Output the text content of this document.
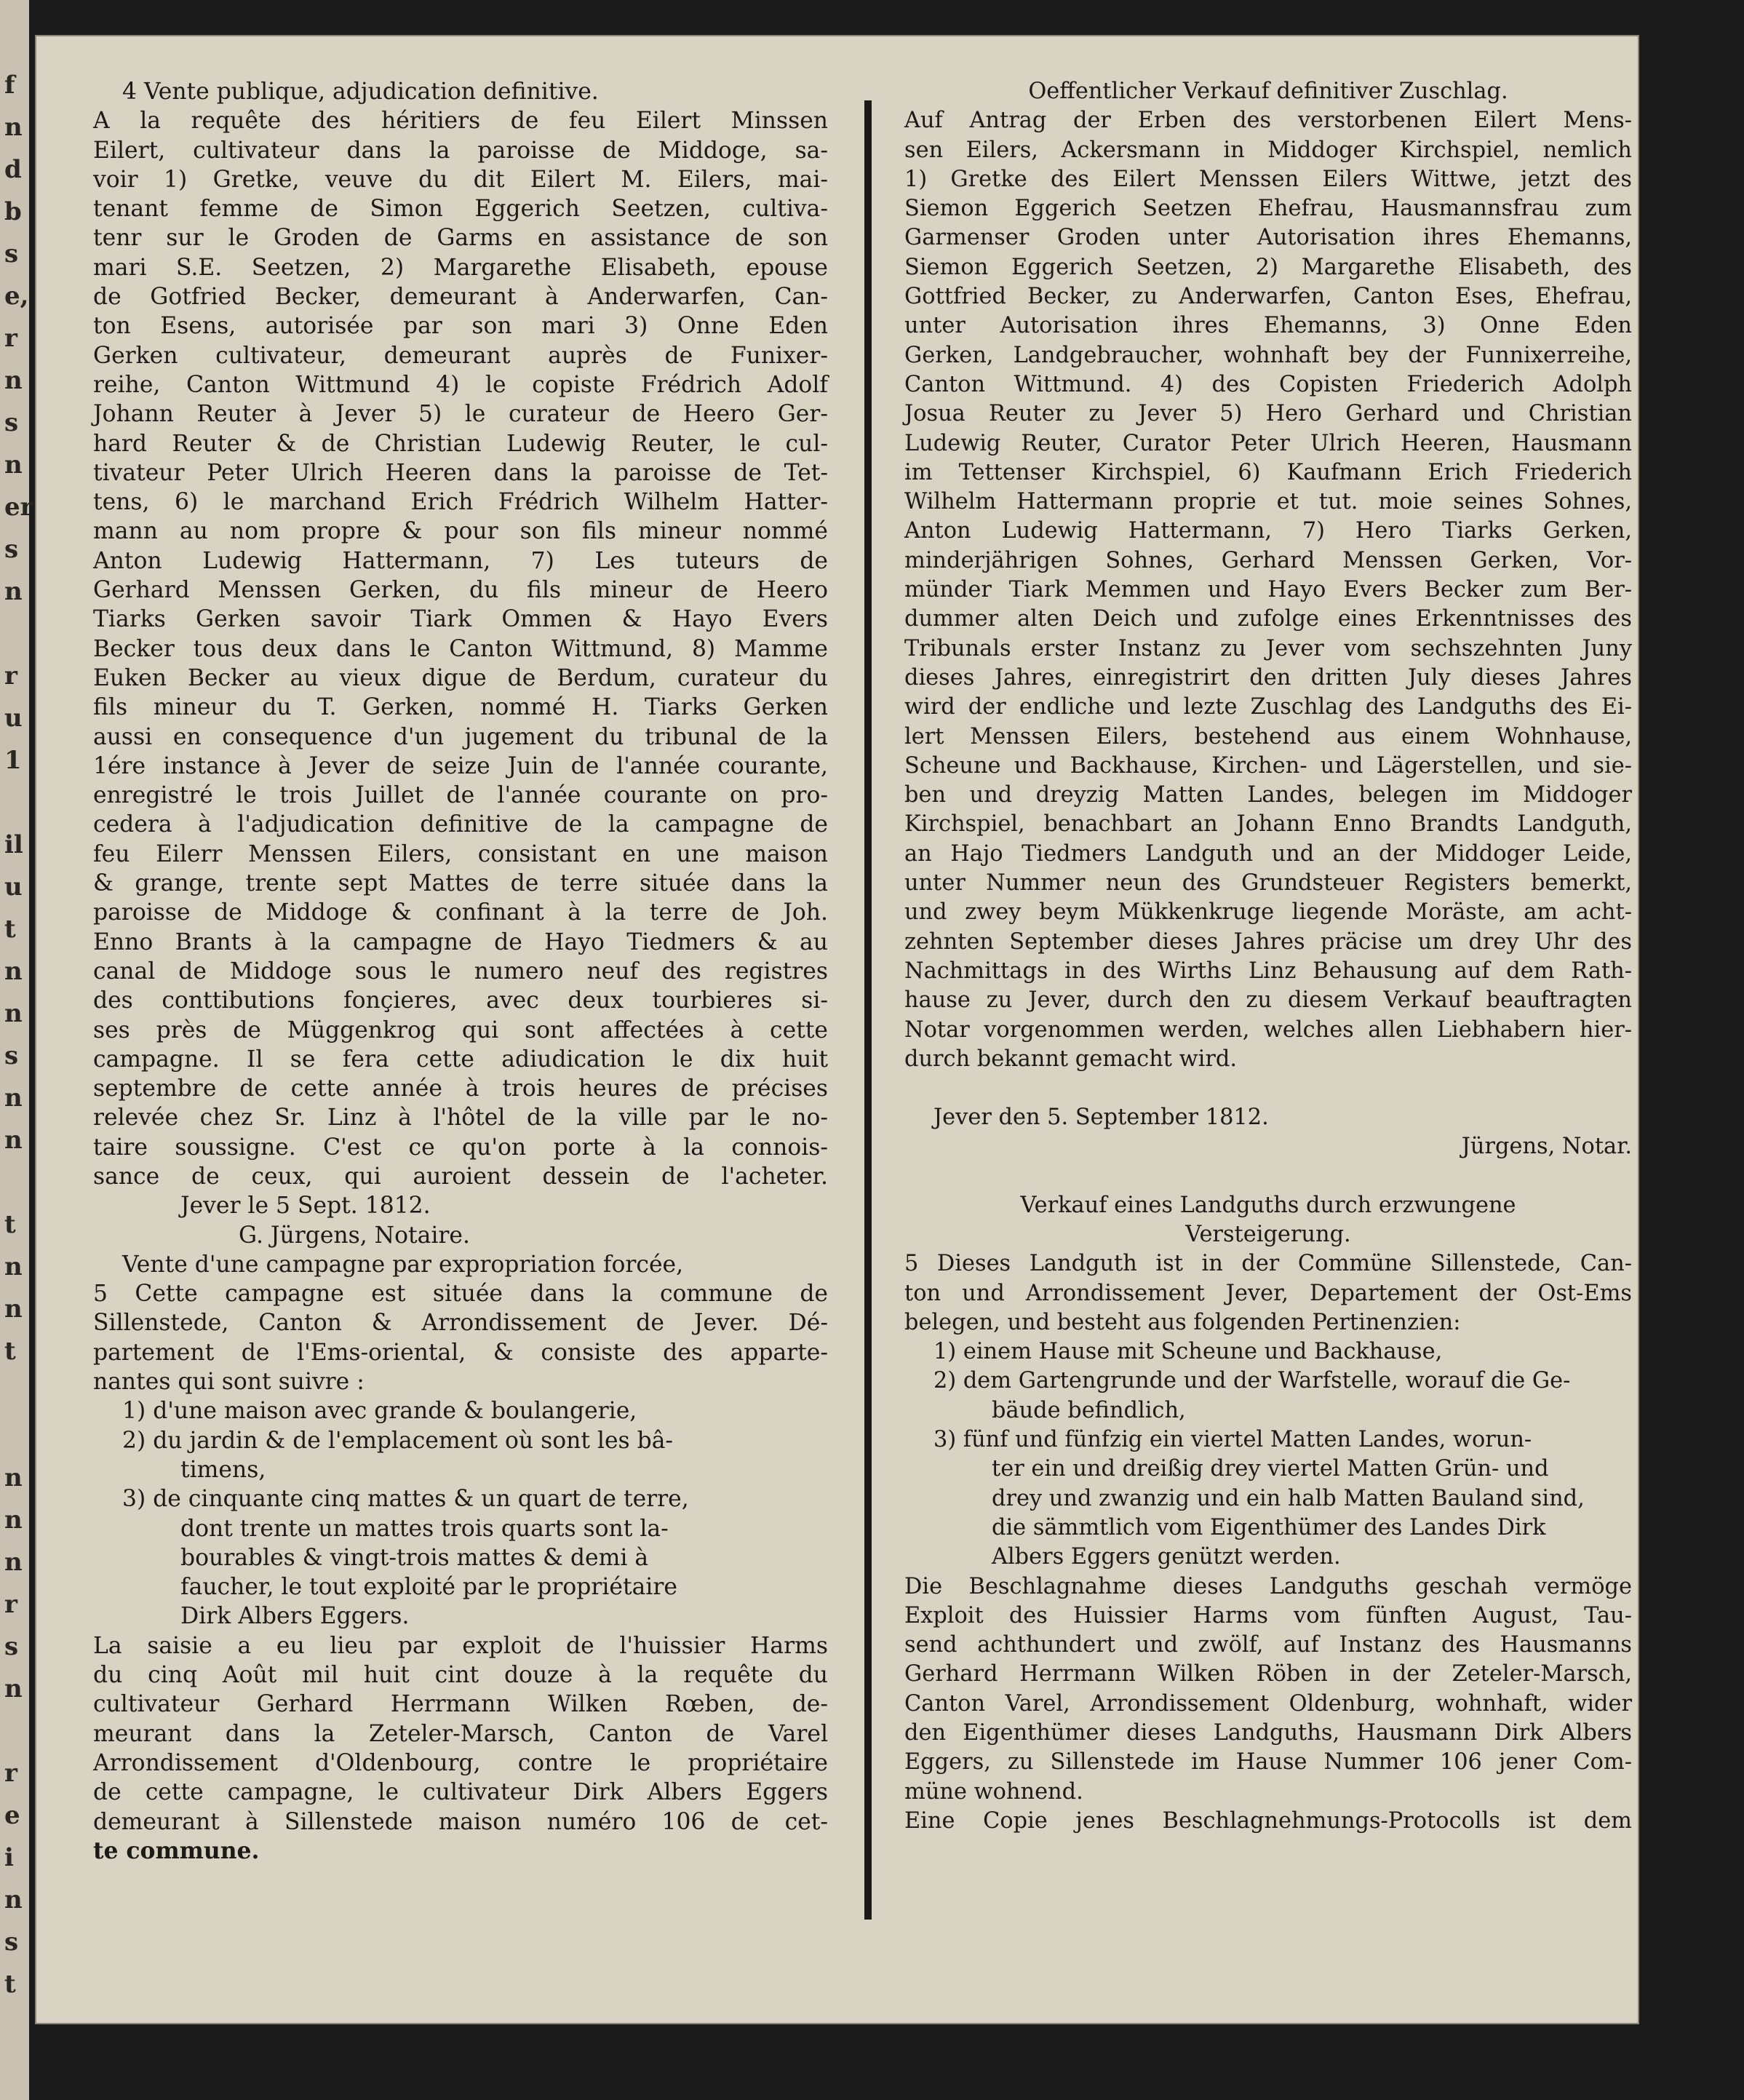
f
n
d
b
s
e,
r
n
s
n
er
s
n
r
u
1
il
u
t
n
n
s
n
n
t
n
n
t
n
n
n
r
s
n
r
e
i
n
s
t
4 Vente publique, adjudication definitive.
A la requête des héritiers de feu Eilert Minssen
Eilert, cultivateur dans la paroisse de Middoge, sa-
voir 1) Gretke, veuve du dit Eilert M. Eilers, mai-
tenant femme de Simon Eggerich Seetzen, cultiva-
tenr sur le Groden de Garms en assistance de son
mari S.E. Seetzen, 2) Margarethe Elisabeth, epouse
de Gotfried Becker, demeurant à Anderwarfen, Can-
ton Esens, autorisée par son mari 3) Onne Eden
Gerken cultivateur, demeurant auprès de Funixer-
reihe, Canton Wittmund 4) le copiste Frédrich Adolf
Johann Reuter à Jever 5) le curateur de Heero Ger-
hard Reuter & de Christian Ludewig Reuter, le cul-
tivateur Peter Ulrich Heeren dans la paroisse de Tet-
tens, 6) le marchand Erich Frédrich Wilhelm Hatter-
mann au nom propre & pour son fils mineur nommé
Anton Ludewig Hattermann, 7) Les tuteurs de
Gerhard Menssen Gerken, du fils mineur de Heero
Tiarks Gerken savoir Tiark Ommen & Hayo Evers
Becker tous deux dans le Canton Wittmund, 8) Mamme
Euken Becker au vieux digue de Berdum, curateur du
fils mineur du T. Gerken, nommé H. Tiarks Gerken
aussi en consequence d'un jugement du tribunal de la
1ére instance à Jever de seize Juin de l'année courante,
enregistré le trois Juillet de l'année courante on pro-
cedera à l'adjudication definitive de la campagne de
feu Eilerr Menssen Eilers, consistant en une maison
& grange, trente sept Mattes de terre située dans la
paroisse de Middoge & confinant à la terre de Joh.
Enno Brants à la campagne de Hayo Tiedmers & au
canal de Middoge sous le numero neuf des registres
des conttibutions fonçieres, avec deux tourbieres si-
ses près de Müggenkrog qui sont affectées à cette
campagne. Il se fera cette adiudication le dix huit
septembre de cette année à trois heures de précises
relevée chez Sr. Linz à l'hôtel de la ville par le no-
taire soussigne. C'est ce qu'on porte à la connois-
sance de ceux, qui auroient dessein de l'acheter.
Jever le 5 Sept. 1812.
G. Jürgens, Notaire.
Vente d'une campagne par expropriation forcée,
5 Cette campagne est située dans la commune de
Sillenstede, Canton & Arrondissement de Jever. Dé-
partement de l'Ems-oriental, & consiste des apparte-
nantes qui sont suivre :
1) d'une maison avec grande & boulangerie,
2) du jardin & de l'emplacement où sont les bâ-
timens,
3) de cinquante cinq mattes & un quart de terre,
dont trente un mattes trois quarts sont la-
bourables & vingt-trois mattes & demi à
faucher, le tout exploité par le propriétaire
Dirk Albers Eggers.
La saisie a eu lieu par exploit de l'huissier Harms
du cinq Août mil huit cint douze à la requête du
cultivateur Gerhard Herrmann Wilken Rœben, de-
meurant dans la Zeteler-Marsch, Canton de Varel
Arrondissement d'Oldenbourg, contre le propriétaire
de cette campagne, le cultivateur Dirk Albers Eggers
demeurant à Sillenstede maison numéro 106 de cet-
te commune.
Oeffentlicher Verkauf definitiver Zuschlag.
Auf Antrag der Erben des verstorbenen Eilert Mens-
sen Eilers, Ackersmann in Middoger Kirchspiel, nemlich
1) Gretke des Eilert Menssen Eilers Wittwe, jetzt des
Siemon Eggerich Seetzen Ehefrau, Hausmannsfrau zum
Garmenser Groden unter Autorisation ihres Ehemanns,
Siemon Eggerich Seetzen, 2) Margarethe Elisabeth, des
Gottfried Becker, zu Anderwarfen, Canton Eses, Ehefrau,
unter Autorisation ihres Ehemanns, 3) Onne Eden
Gerken, Landgebraucher, wohnhaft bey der Funnixerreihe,
Canton Wittmund. 4) des Copisten Friederich Adolph
Josua Reuter zu Jever 5) Hero Gerhard und Christian
Ludewig Reuter, Curator Peter Ulrich Heeren, Hausmann
im Tettenser Kirchspiel, 6) Kaufmann Erich Friederich
Wilhelm Hattermann proprie et tut. moie seines Sohnes,
Anton Ludewig Hattermann, 7) Hero Tiarks Gerken,
minderjährigen Sohnes, Gerhard Menssen Gerken, Vor-
münder Tiark Memmen und Hayo Evers Becker zum Ber-
dummer alten Deich und zufolge eines Erkenntnisses des
Tribunals erster Instanz zu Jever vom sechszehnten Juny
dieses Jahres, einregistrirt den dritten July dieses Jahres
wird der endliche und lezte Zuschlag des Landguths des Ei-
lert Menssen Eilers, bestehend aus einem Wohnhause,
Scheune und Backhause, Kirchen- und Lägerstellen, und sie-
ben und dreyzig Matten Landes, belegen im Middoger
Kirchspiel, benachbart an Johann Enno Brandts Landguth,
an Hajo Tiedmers Landguth und an der Middoger Leide,
unter Nummer neun des Grundsteuer Registers bemerkt,
und zwey beym Mükkenkruge liegende Moräste, am acht-
zehnten September dieses Jahres präcise um drey Uhr des
Nachmittags in des Wirths Linz Behausung auf dem Rath-
hause zu Jever, durch den zu diesem Verkauf beauftragten
Notar vorgenommen werden, welches allen Liebhabern hier-
durch bekannt gemacht wird.
Jever den 5. September 1812.
Jürgens, Notar.
Verkauf eines Landguths durch erzwungene
Versteigerung.
5 Dieses Landguth ist in der Commüne Sillenstede, Can-
ton und Arrondissement Jever, Departement der Ost-Ems
belegen, und besteht aus folgenden Pertinenzien:
1) einem Hause mit Scheune und Backhause,
2) dem Gartengrunde und der Warfstelle, worauf die Ge-
bäude befindlich,
3) fünf und fünfzig ein viertel Matten Landes, worun-
ter ein und dreißig drey viertel Matten Grün- und
drey und zwanzig und ein halb Matten Bauland sind,
die sämmtlich vom Eigenthümer des Landes Dirk
Albers Eggers genützt werden.
Die Beschlagnahme dieses Landguths geschah vermöge
Exploit des Huissier Harms vom fünften August, Tau-
send achthundert und zwölf, auf Instanz des Hausmanns
Gerhard Herrmann Wilken Röben in der Zeteler-Marsch,
Canton Varel, Arrondissement Oldenburg, wohnhaft, wider
den Eigenthümer dieses Landguths, Hausmann Dirk Albers
Eggers, zu Sillenstede im Hause Nummer 106 jener Com-
müne wohnend.
Eine Copie jenes Beschlagnehmungs-Protocolls ist dem
